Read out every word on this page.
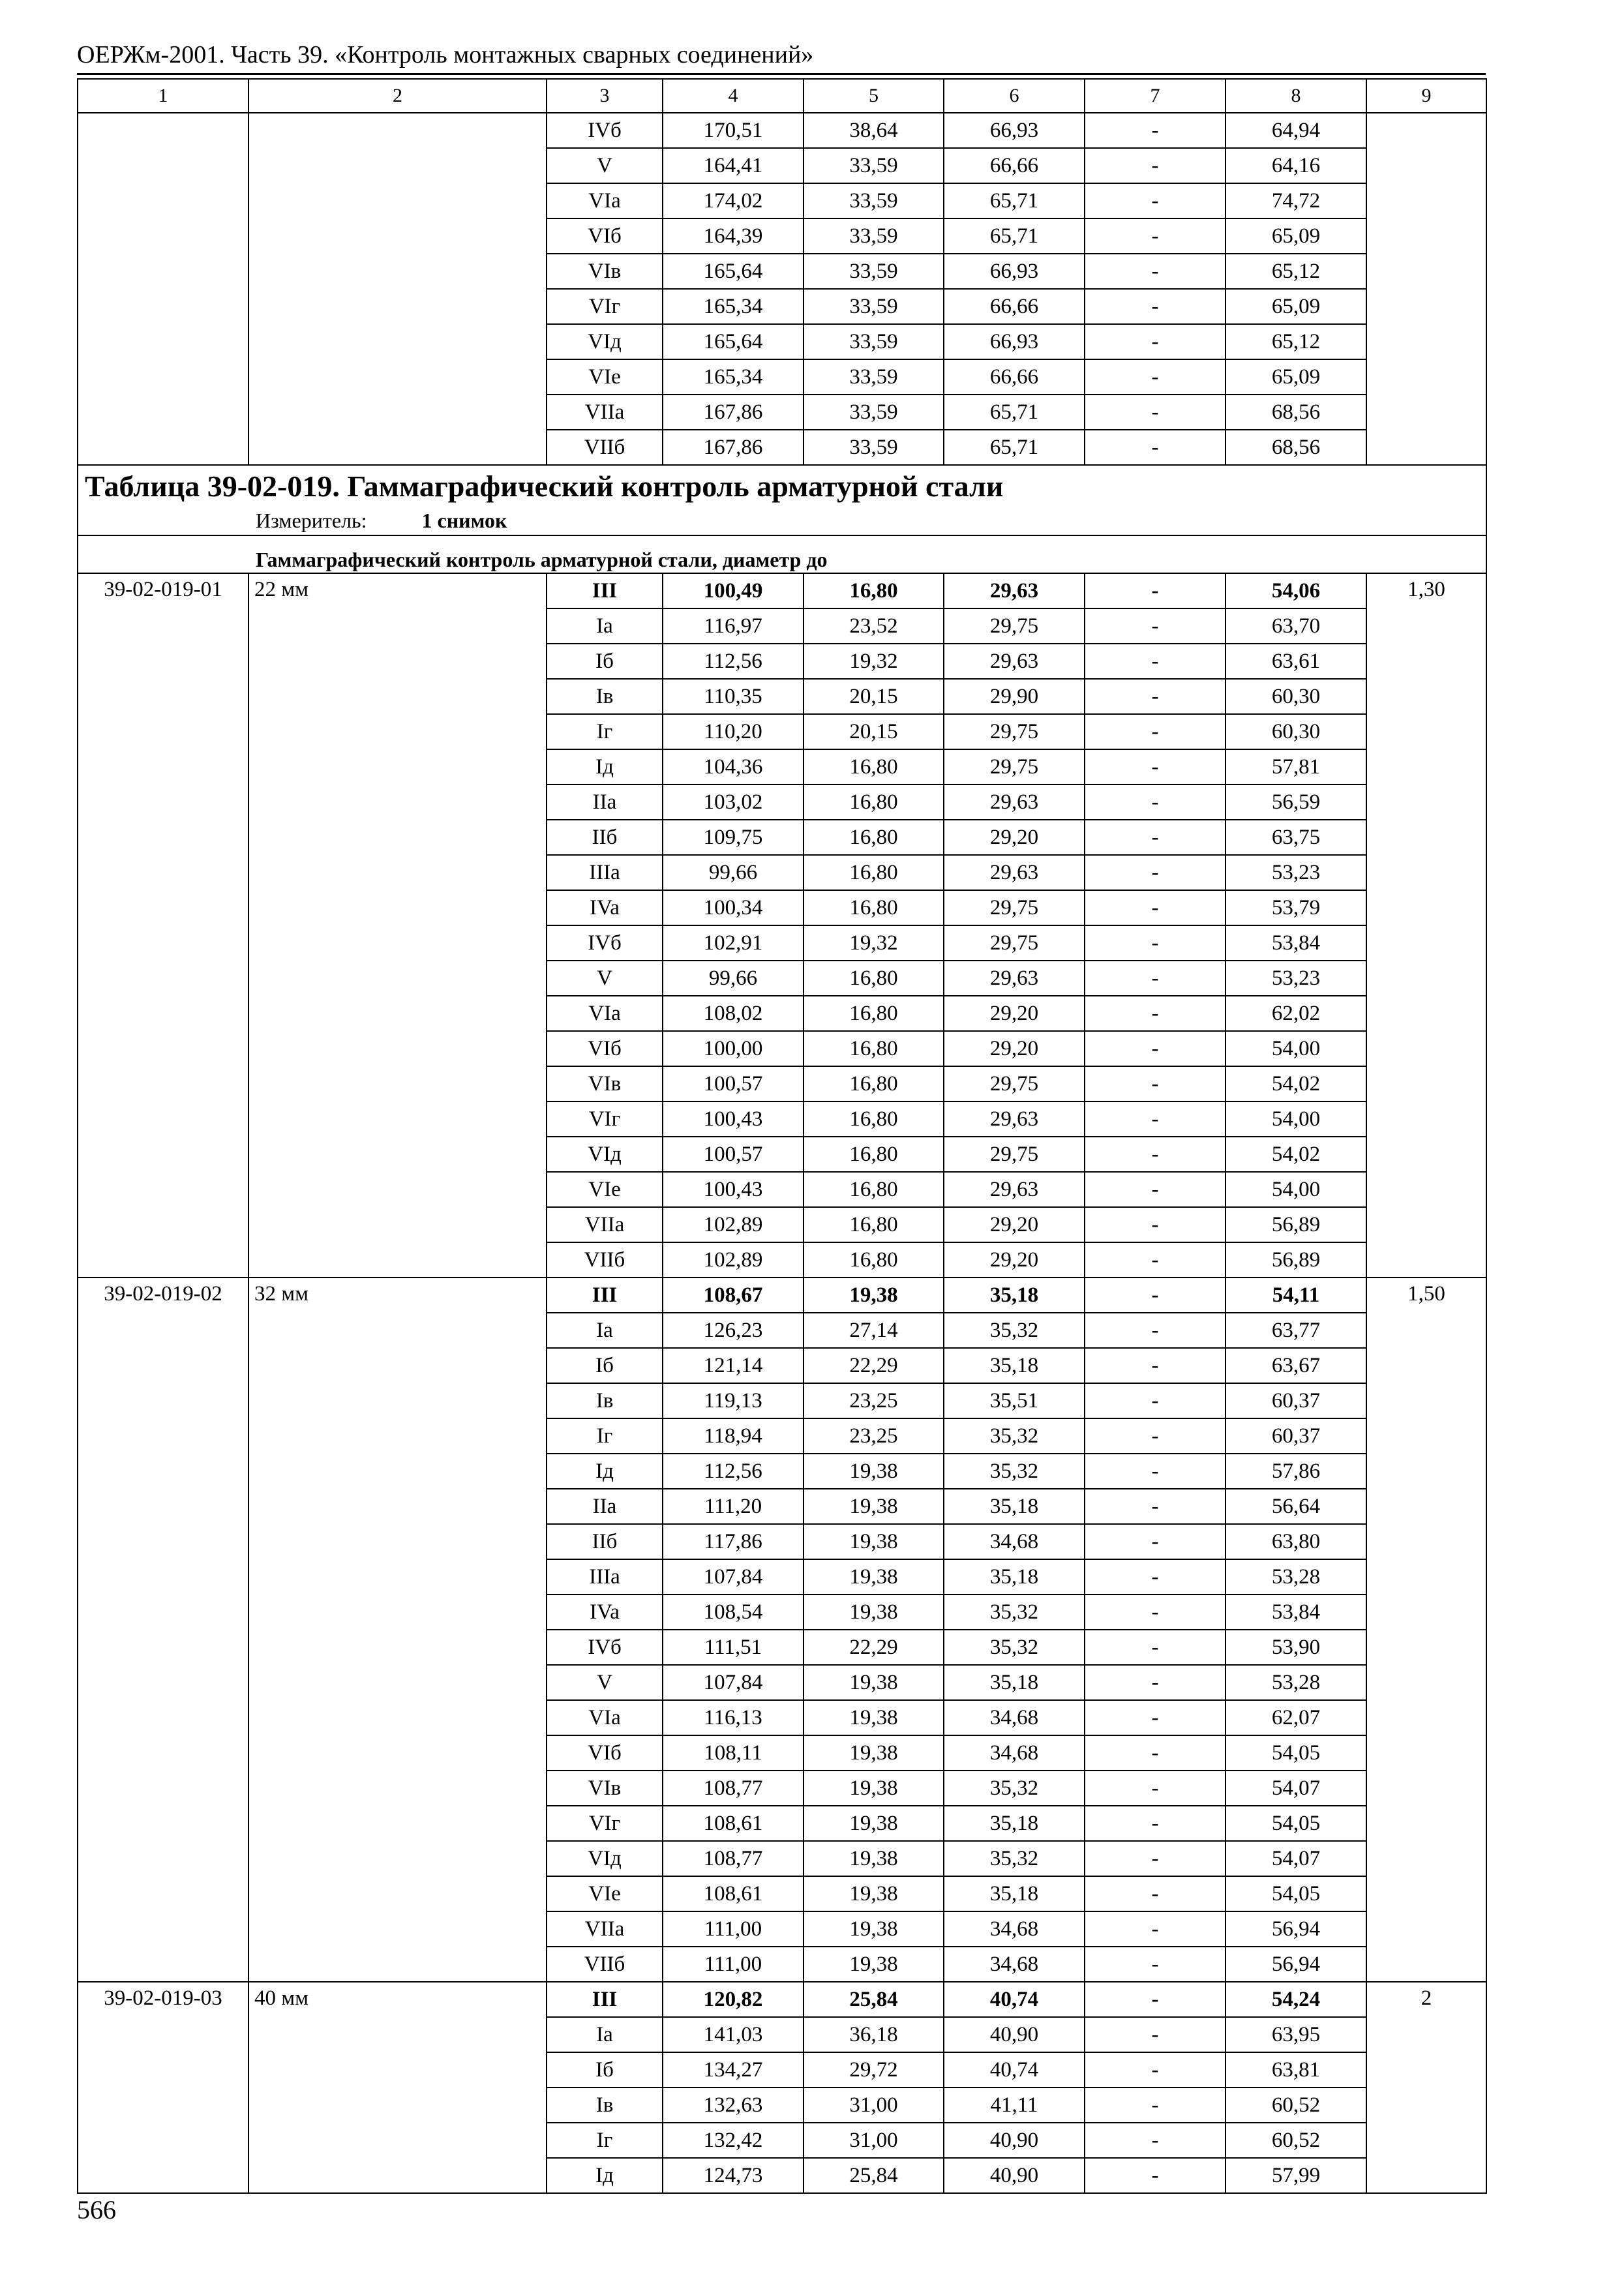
ОЕРЖм-2001. Часть 39. «Контроль монтажных сварных соединений»
1	2	3	4	5	6	7	8	9
		IVб	170,51	38,64	66,93	-	64,94	
		V	164,41	33,59	66,66	-	64,16	
		VIa	174,02	33,59	65,71	-	74,72	
		VIб	164,39	33,59	65,71	-	65,09	
		VIв	165,64	33,59	66,93	-	65,12	
		VIг	165,34	33,59	66,66	-	65,09	
		VIд	165,64	33,59	66,93	-	65,12	
		VIe	165,34	33,59	66,66	-	65,09	
		VIIa	167,86	33,59	65,71	-	68,56	
		VIIб	167,86	33,59	65,71	-	68,56	

Таблица 39-02-019. Гаммаграфический контроль арматурной стали
Измеритель: 1 снимок								

Гаммаграфический контроль арматурной стали, диаметр до								
39-02-019-01	22 мм	III	100,49	16,80	29,63	-	54,06	1,30
		Ia	116,97	23,52	29,75	-	63,70	
		Iб	112,56	19,32	29,63	-	63,61	
		Iв	110,35	20,15	29,90	-	60,30	
		Iг	110,20	20,15	29,75	-	60,30	
		Iд	104,36	16,80	29,75	-	57,81	
		IIa	103,02	16,80	29,63	-	56,59	
		IIб	109,75	16,80	29,20	-	63,75	
		IIIa	99,66	16,80	29,63	-	53,23	
		IVa	100,34	16,80	29,75	-	53,79	
		IVб	102,91	19,32	29,75	-	53,84	
		V	99,66	16,80	29,63	-	53,23	
		VIa	108,02	16,80	29,20	-	62,02	
		VIб	100,00	16,80	29,20	-	54,00	
		VIв	100,57	16,80	29,75	-	54,02	
		VIг	100,43	16,80	29,63	-	54,00	
		VIд	100,57	16,80	29,75	-	54,02	
		VIe	100,43	16,80	29,63	-	54,00	
		VIIa	102,89	16,80	29,20	-	56,89	
		VIIб	102,89	16,80	29,20	-	56,89	
39-02-019-02	32 мм	III	108,67	19,38	35,18	-	54,11	1,50
		Ia	126,23	27,14	35,32	-	63,77	
		Iб	121,14	22,29	35,18	-	63,67	
		Iв	119,13	23,25	35,51	-	60,37	
		Iг	118,94	23,25	35,32	-	60,37	
		Iд	112,56	19,38	35,32	-	57,86	
		IIa	111,20	19,38	35,18	-	56,64	
		IIб	117,86	19,38	34,68	-	63,80	
		IIIa	107,84	19,38	35,18	-	53,28	
		IVa	108,54	19,38	35,32	-	53,84	
		IVб	111,51	22,29	35,32	-	53,90	
		V	107,84	19,38	35,18	-	53,28	
		VIa	116,13	19,38	34,68	-	62,07	
		VIб	108,11	19,38	34,68	-	54,05	
		VIв	108,77	19,38	35,32	-	54,07	
		VIг	108,61	19,38	35,18	-	54,05	
		VIд	108,77	19,38	35,32	-	54,07	
		VIe	108,61	19,38	35,18	-	54,05	
		VIIa	111,00	19,38	34,68	-	56,94	
		VIIб	111,00	19,38	34,68	-	56,94	
39-02-019-03	40 мм	III	120,82	25,84	40,74	-	54,24	2
		Ia	141,03	36,18	40,90	-	63,95	
		Iб	134,27	29,72	40,74	-	63,81	
		Iв	132,63	31,00	41,11	-	60,52	
		Iг	132,42	31,00	40,90	-	60,52	
		Iд	124,73	25,84	40,90	-	57,99	
566
